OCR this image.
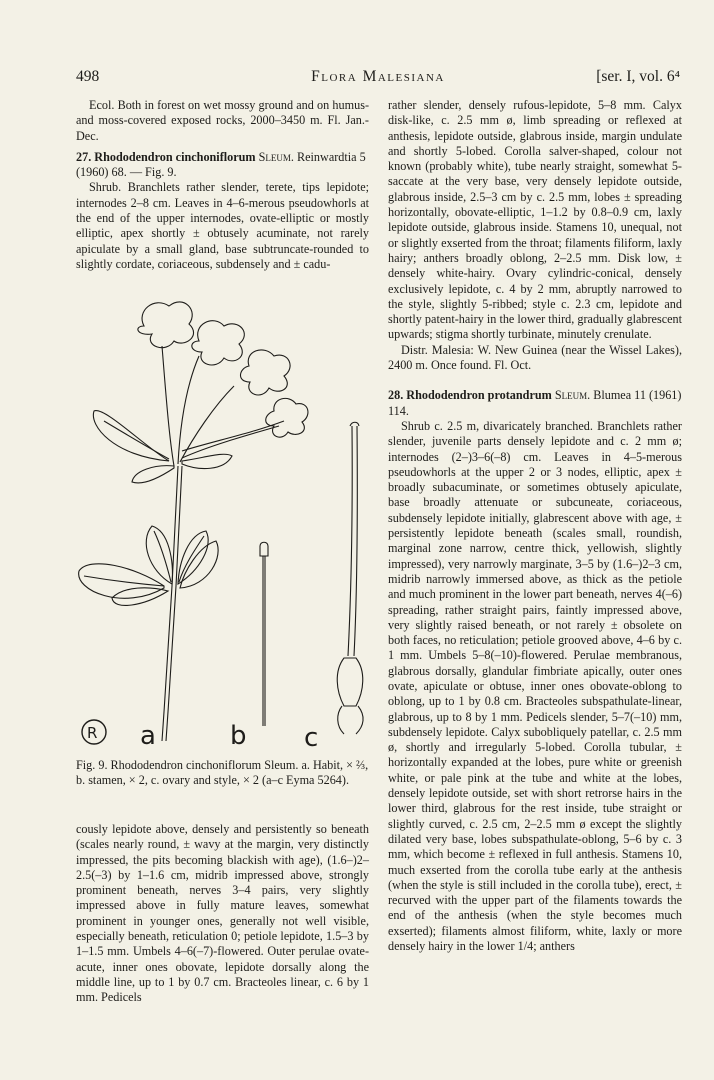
498	Flora Malesiana	[ser. I, vol. 6⁴

Ecol. Both in forest on wet mossy ground and on humus- and moss-covered exposed rocks, 2000–3450 m. Fl. Jan.-Dec.

27. Rhododendron cinchoniflorum Sleum. Reinwardtia 5 (1960) 68. — Fig. 9.

Shrub. Branchlets rather slender, terete, tips lepidote; internodes 2–8 cm. Leaves in 4–6-merous pseudowhorls at the end of the upper internodes, ovate-elliptic or mostly elliptic, apex shortly ± obtusely acuminate, not rarely apiculate by a small gland, base subtruncate-rounded to slightly cordate, coriaceous, subdensely and ± cadu-

a	b c
R
Fig. 9. Rhododendron cinchoniflorum Sleum. a. Habit, × ⅔, b. stamen, × 2, c. ovary and style, × 2 (a–c Eyma 5264).

cously lepidote above, densely and persistently so beneath (scales nearly round, ± wavy at the margin, very distinctly impressed, the pits becoming blackish with age), (1.6–)2–2.5(–3) by 1–1.6 cm, midrib impressed above, strongly prominent beneath, nerves 3–4 pairs, very slightly impressed above in fully mature leaves, somewhat prominent in younger ones, generally not well visible, especially beneath, reticulation 0; petiole lepidote, 1.5–3 by 1–1.5 mm. Umbels 4–6(–7)-flowered. Outer perulae ovate-acute, inner ones obovate, lepidote dorsally along the middle line, up to 1 by 0.7 cm. Bracteoles linear, c. 6 by 1 mm. Pedicels

rather slender, densely rufous-lepidote, 5–8 mm. Calyx disk-like, c. 2.5 mm ø, limb spreading or reflexed at anthesis, lepidote outside, glabrous inside, margin undulate and shortly 5-lobed. Corolla salver-shaped, colour not known (probably white), tube nearly straight, somewhat 5-saccate at the very base, very densely lepidote outside, glabrous inside, 2.5–3 cm by c. 2.5 mm, lobes ± spreading horizontally, obovate-elliptic, 1–1.2 by 0.8–0.9 cm, laxly lepidote outside, glabrous inside. Stamens 10, unequal, not or slightly exserted from the throat; filaments filiform, laxly hairy; anthers broadly oblong, 2–2.5 mm. Disk low, ± densely white-hairy. Ovary cylindric-conical, densely exclusively lepidote, c. 4 by 2 mm, abruptly narrowed to the style, slightly 5-ribbed; style c. 2.3 cm, lepidote and shortly patent-hairy in the lower third, gradually glabrescent upwards; stigma shortly turbinate, minutely crenulate.

Distr. Malesia: W. New Guinea (near the Wissel Lakes), 2400 m. Once found. Fl. Oct.

28. Rhododendron protandrum Sleum. Blumea 11 (1961) 114.

Shrub c. 2.5 m, divaricately branched. Branchlets rather slender, juvenile parts densely lepidote and c. 2 mm ø; internodes (2–)3–6(–8) cm. Leaves in 4–5-merous pseudowhorls at the upper 2 or 3 nodes, elliptic, apex ± broadly subacuminate, or sometimes obtusely apiculate, base broadly attenuate or subcuneate, coriaceous, subdensely lepidote initially, glabrescent above with age, ± persistently lepidote beneath (scales small, roundish, marginal zone narrow, centre thick, yellowish, slightly impressed), very narrowly marginate, 3–5 by (1.6–)2–3 cm, midrib narrowly immersed above, as thick as the petiole and much prominent in the lower part beneath, nerves 4(–6) spreading, rather straight pairs, faintly impressed above, very slightly raised beneath, or not rarely ± obsolete on both faces, no reticulation; petiole grooved above, 4–6 by c. 1 mm. Umbels 5–8(–10)-flowered. Perulae membranous, glabrous dorsally, glandular fimbriate apically, outer ones ovate, apiculate or obtuse, inner ones obovate-oblong to oblong, up to 1 by 0.8 cm. Bracteoles subspathulate-linear, glabrous, up to 8 by 1 mm. Pedicels slender, 5–7(–10) mm, subdensely lepidote. Calyx subobliquely patellar, c. 2.5 mm ø, shortly and irregularly 5-lobed. Corolla tubular, ± horizontally expanded at the lobes, pure white or greenish white, or pale pink at the tube and white at the lobes, densely lepidote outside, set with short retrorse hairs in the lower third, glabrous for the rest inside, tube straight or slightly curved, c. 2.5 cm, 2–2.5 mm ø except the slightly dilated very base, lobes subspathulate-oblong, 5–6 by c. 3 mm, which become ± reflexed in full anthesis. Stamens 10, much exserted from the corolla tube early at the anthesis (when the style is still included in the corolla tube), erect, ± recurved with the upper part of the filaments towards the end of the anthesis (when the style becomes much exserted); filaments almost filiform, white, laxly or more densely hairy in the lower 1/4; anthers
